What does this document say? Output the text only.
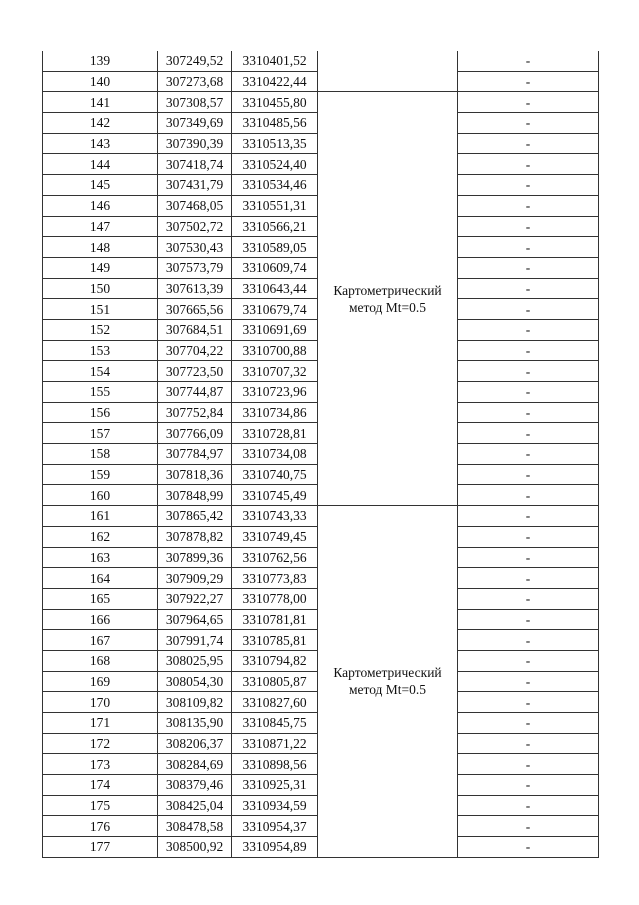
139	307249,52	3310401,52		-
140	307273,68	3310422,44		-
141	307308,57	3310455,80	Картометрический метод Mt=0.5	-
142	307349,69	3310485,56		-
143	307390,39	3310513,35		-
144	307418,74	3310524,40		-
145	307431,79	3310534,46		-
146	307468,05	3310551,31		-
147	307502,72	3310566,21		-
148	307530,43	3310589,05		-
149	307573,79	3310609,74		-
150	307613,39	3310643,44		-
151	307665,56	3310679,74		-
152	307684,51	3310691,69		-
153	307704,22	3310700,88		-
154	307723,50	3310707,32		-
155	307744,87	3310723,96		-
156	307752,84	3310734,86		-
157	307766,09	3310728,81		-
158	307784,97	3310734,08		-
159	307818,36	3310740,75		-
160	307848,99	3310745,49		-
161	307865,42	3310743,33	Картометрический метод Mt=0.5	-
162	307878,82	3310749,45		-
163	307899,36	3310762,56		-
164	307909,29	3310773,83		-
165	307922,27	3310778,00		-
166	307964,65	3310781,81		-
167	307991,74	3310785,81		-
168	308025,95	3310794,82		-
169	308054,30	3310805,87		-
170	308109,82	3310827,60		-
171	308135,90	3310845,75		-
172	308206,37	3310871,22		-
173	308284,69	3310898,56		-
174	308379,46	3310925,31		-
175	308425,04	3310934,59		-
176	308478,58	3310954,37		-
177	308500,92	3310954,89		-
